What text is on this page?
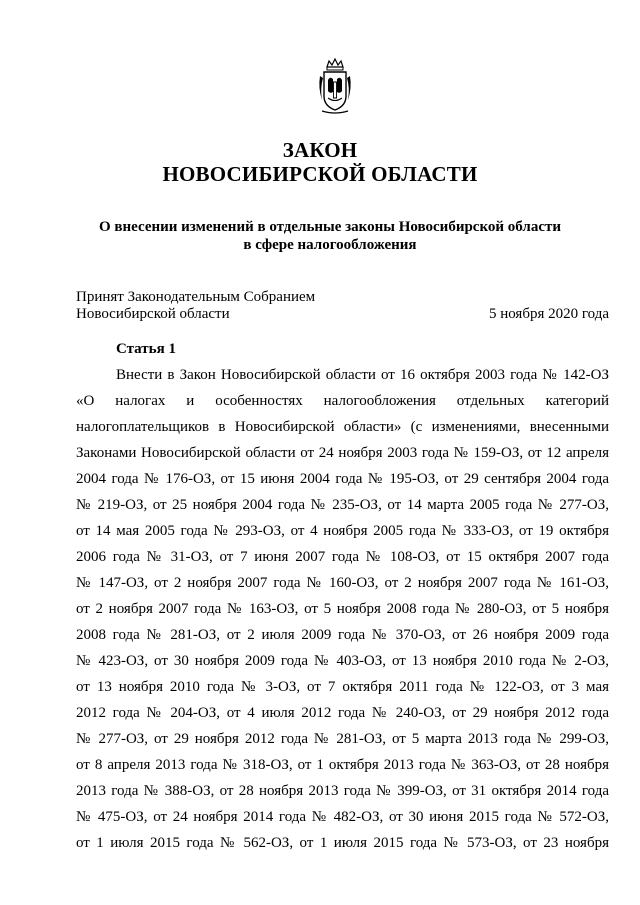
ЗАКОН
НОВОСИБИРСКОЙ ОБЛАСТИ
О внесении изменений в отдельные законы Новосибирской области
в сфере налогообложения
Принят Законодательным Собранием
Новосибирской области	5 ноября 2020 года
Статья 1
Внести в Закон Новосибирской области от 16 октября 2003 года № 142-ОЗ
«О налогах и особенностях налогообложения отдельных категорий
налогоплательщиков в Новосибирской области» (с изменениями, внесенными
Законами Новосибирской области от 24 ноября 2003 года № 159-ОЗ, от 12 апреля
2004 года № 176-ОЗ, от 15 июня 2004 года № 195-ОЗ, от 29 сентября 2004 года
№ 219-ОЗ, от 25 ноября 2004 года № 235-ОЗ, от 14 марта 2005 года № 277-ОЗ,
от 14 мая 2005 года № 293-ОЗ, от 4 ноября 2005 года № 333-ОЗ, от 19 октября
2006 года № 31-ОЗ, от 7 июня 2007 года № 108-ОЗ, от 15 октября 2007 года
№ 147-ОЗ, от 2 ноября 2007 года № 160-ОЗ, от 2 ноября 2007 года № 161-ОЗ,
от 2 ноября 2007 года № 163-ОЗ, от 5 ноября 2008 года № 280-ОЗ, от 5 ноября
2008 года № 281-ОЗ, от 2 июля 2009 года № 370-ОЗ, от 26 ноября 2009 года
№ 423-ОЗ, от 30 ноября 2009 года № 403-ОЗ, от 13 ноября 2010 года № 2-ОЗ,
от 13 ноября 2010 года № 3-ОЗ, от 7 октября 2011 года № 122-ОЗ, от 3 мая
2012 года № 204-ОЗ, от 4 июля 2012 года № 240-ОЗ, от 29 ноября 2012 года
№ 277-ОЗ, от 29 ноября 2012 года № 281-ОЗ, от 5 марта 2013 года № 299-ОЗ,
от 8 апреля 2013 года № 318-ОЗ, от 1 октября 2013 года № 363-ОЗ, от 28 ноября
2013 года № 388-ОЗ, от 28 ноября 2013 года № 399-ОЗ, от 31 октября 2014 года
№ 475-ОЗ, от 24 ноября 2014 года № 482-ОЗ, от 30 июня 2015 года № 572-ОЗ,
от 1 июля 2015 года № 562-ОЗ, от 1 июля 2015 года № 573-ОЗ, от 23 ноября
